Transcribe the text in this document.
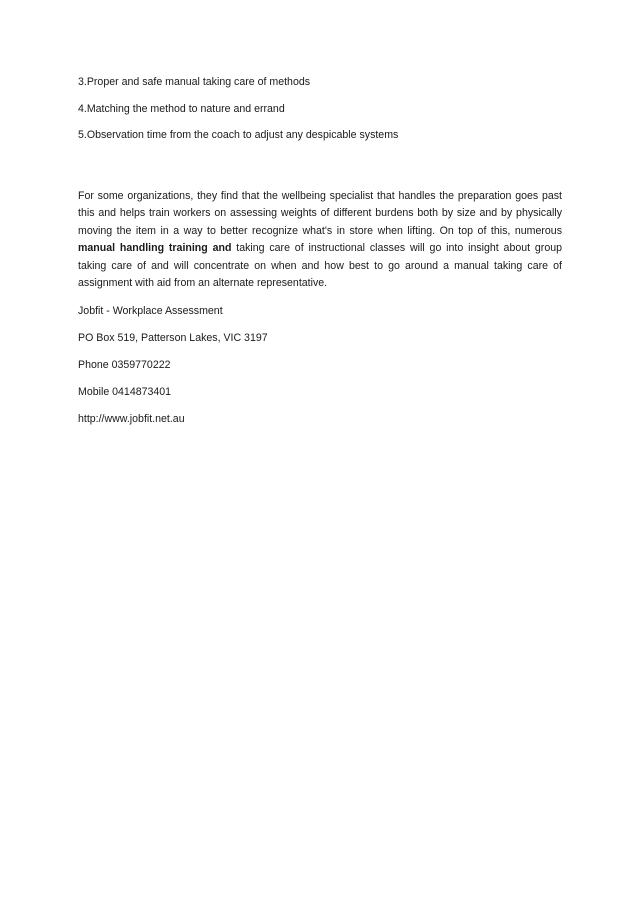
3.Proper and safe manual taking care of methods

4.Matching the method to nature and errand

5.Observation time from the coach to adjust any despicable systems

For some organizations, they find that the wellbeing specialist that handles the preparation goes past this and helps train workers on assessing weights of different burdens both by size and by physically moving the item in a way to better recognize what's in store when lifting. On top of this, numerous manual handling training and taking care of instructional classes will go into insight about group taking care of and will concentrate on when and how best to go around a manual taking care of assignment with aid from an alternate representative.

Jobfit - Workplace Assessment

PO Box 519, Patterson Lakes, VIC 3197

Phone 0359770222

Mobile 0414873401

http://www.jobfit.net.au
